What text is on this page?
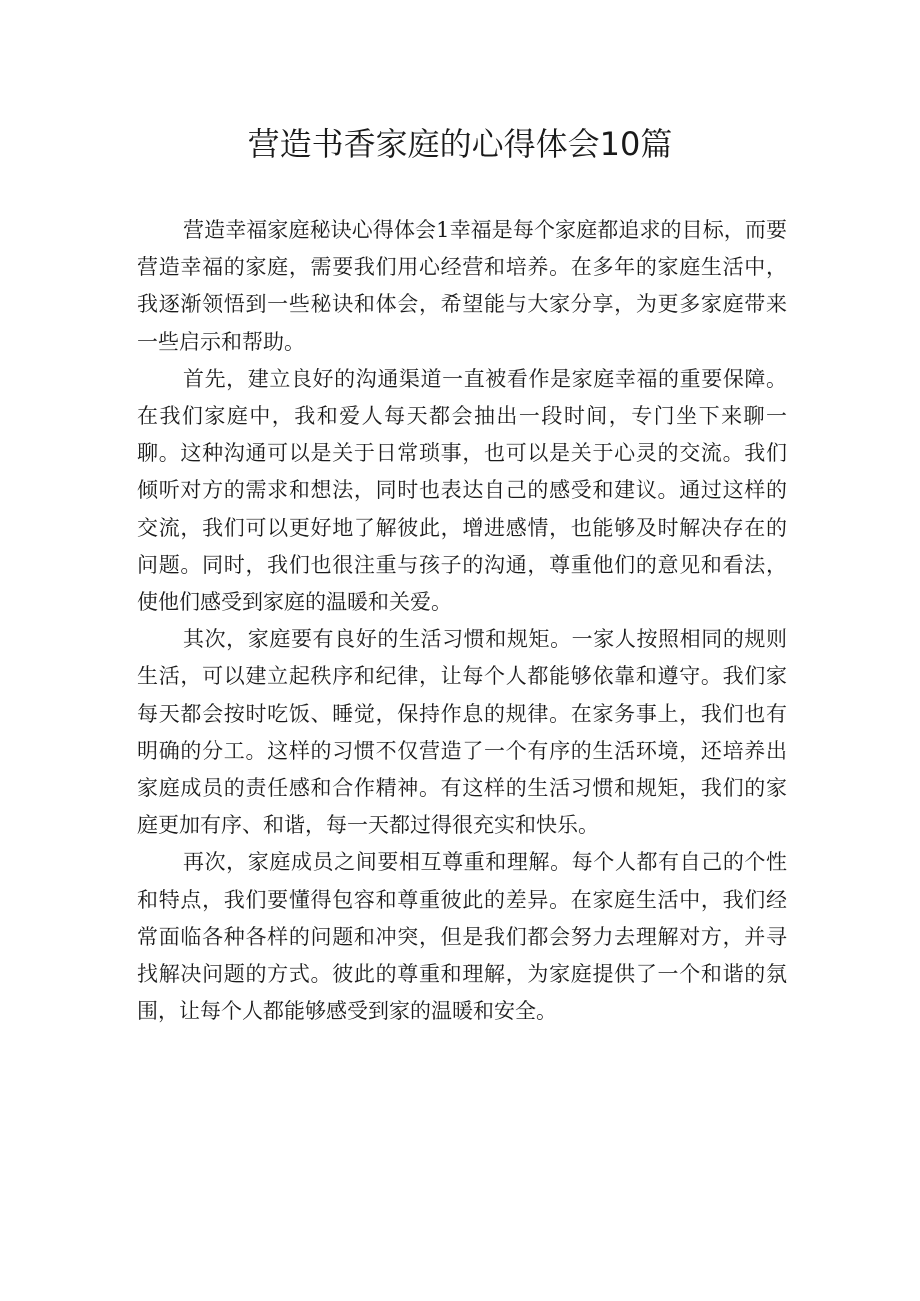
营造书香家庭的心得体会10篇

营造幸福家庭秘诀心得体会1幸福是每个家庭都追求的目标，而要营造幸福的家庭，需要我们用心经营和培养。在多年的家庭生活中，我逐渐领悟到一些秘诀和体会，希望能与大家分享，为更多家庭带来一些启示和帮助。

首先，建立良好的沟通渠道一直被看作是家庭幸福的重要保障。在我们家庭中，我和爱人每天都会抽出一段时间，专门坐下来聊一聊。这种沟通可以是关于日常琐事，也可以是关于心灵的交流。我们倾听对方的需求和想法，同时也表达自己的感受和建议。通过这样的交流，我们可以更好地了解彼此，增进感情，也能够及时解决存在的问题。同时，我们也很注重与孩子的沟通，尊重他们的意见和看法，使他们感受到家庭的温暖和关爱。

其次，家庭要有良好的生活习惯和规矩。一家人按照相同的规则生活，可以建立起秩序和纪律，让每个人都能够依靠和遵守。我们家每天都会按时吃饭、睡觉，保持作息的规律。在家务事上，我们也有明确的分工。这样的习惯不仅营造了一个有序的生活环境，还培养出家庭成员的责任感和合作精神。有这样的生活习惯和规矩，我们的家庭更加有序、和谐，每一天都过得很充实和快乐。

再次，家庭成员之间要相互尊重和理解。每个人都有自己的个性和特点，我们要懂得包容和尊重彼此的差异。在家庭生活中，我们经常面临各种各样的问题和冲突，但是我们都会努力去理解对方，并寻找解决问题的方式。彼此的尊重和理解，为家庭提供了一个和谐的氛围，让每个人都能够感受到家的温暖和安全。
